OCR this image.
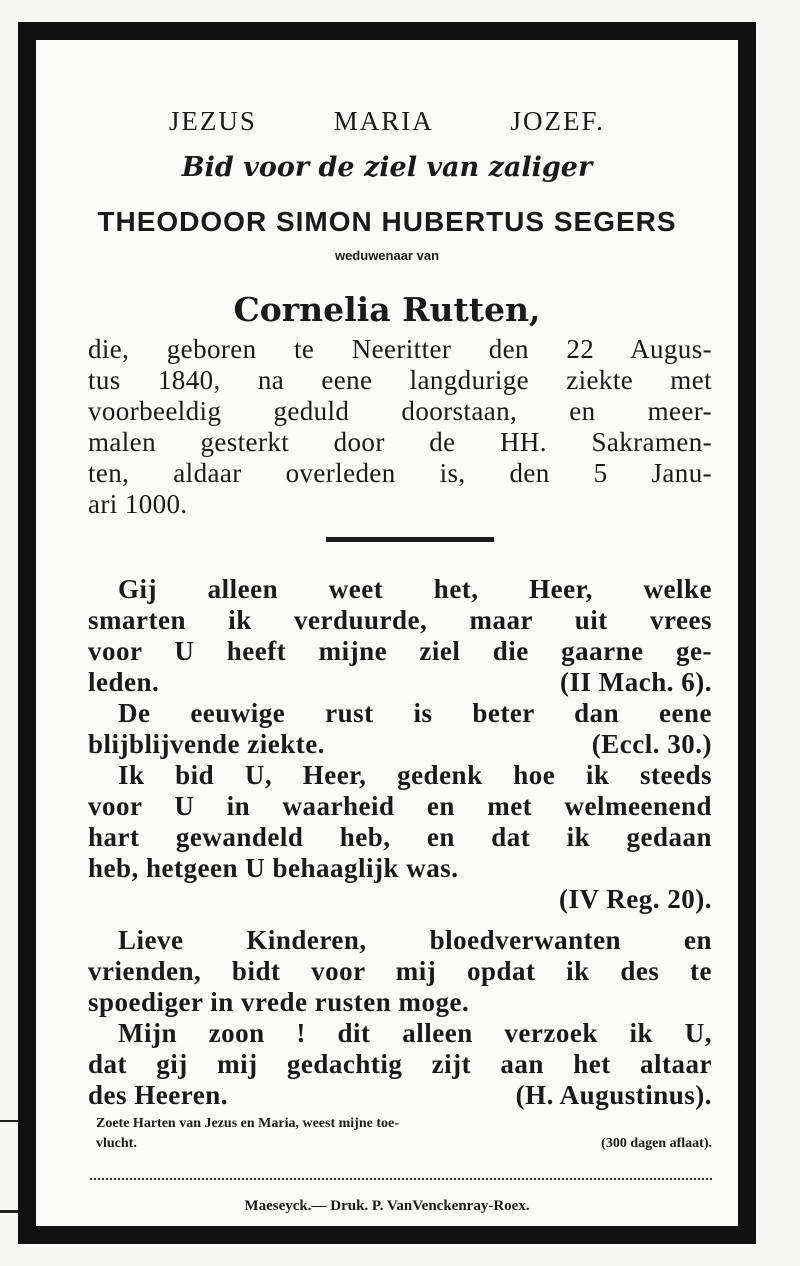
JEZUS	MARIA	JOZEF.

Bid voor de ziel van zaliger

THEODOOR SIMON HUBERTUS SEGERS

weduwenaar van

Cornelia Rutten,

die, geboren te Neeritter den 22 Augus-

tus 1840, na eene langdurige ziekte met

voorbeeldig geduld doorstaan, en meer-

malen gesterkt door de HH. Sakramen-

ten, aldaar overleden is, den 5 Janu-

ari 1000.

Gij alleen weet het, Heer, welke

smarten ik verduurde, maar uit vrees

voor U heeft mijne ziel die gaarne ge-

leden.	(II Mach. 6).

De eeuwige rust is beter dan eene

blijblijvende ziekte.	(Eccl. 30.)

Ik bid U, Heer, gedenk hoe ik steeds

voor U in waarheid en met welmeenend

hart gewandeld heb, en dat ik gedaan

heb, hetgeen U behaaglijk was.

(IV Reg. 20).

Lieve Kinderen, bloedverwanten en

vrienden, bidt voor mij opdat ik des te

spoediger in vrede rusten moge.

Mijn zoon ! dit alleen verzoek ik U,

dat gij mij gedachtig zijt aan het altaar

des Heeren.	(H. Augustinus).

Zoete Harten van Jezus en Maria, weest mijne toe-
vlucht.	(300 dagen aflaat).
Maeseyck.— Druk. P. VanVenckenray-Roex.
